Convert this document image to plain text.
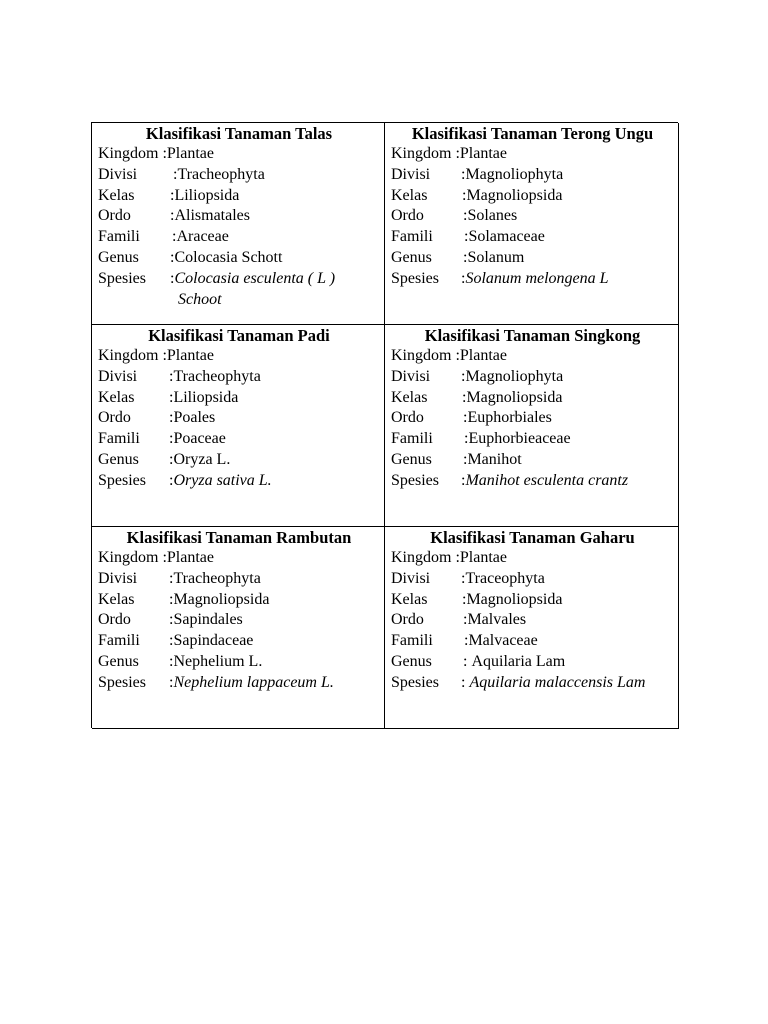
Klasifikasi Tanaman Talas
Kingdom : Plantae
Divisi	: Tracheophyta
Kelas	: Liliopsida
Ordo	: Alismatales
Famili	: Araceae
Genus	: Colocasia Schott
Spesies	: Colocasia esculenta ( L )
Schoot
Klasifikasi Tanaman Terong Ungu
Kingdom : Plantae
Divisi	: Magnoliophyta
Kelas	: Magnoliopsida
Ordo	: Solanes
Famili	: Solamaceae
Genus	: Solanum
Spesies	: Solanum melongena L
Klasifikasi Tanaman Padi
Kingdom : Plantae
Divisi	: Tracheophyta
Kelas	: Liliopsida
Ordo	: Poales
Famili	: Poaceae
Genus	: Oryza L.
Spesies	: Oryza sativa L.
Klasifikasi Tanaman Singkong
Kingdom : Plantae
Divisi	: Magnoliophyta
Kelas	: Magnoliopsida
Ordo	: Euphorbiales
Famili	: Euphorbieaceae
Genus	: Manihot
Spesies	: Manihot esculenta crantz
Klasifikasi Tanaman Rambutan
Kingdom : Plantae
Divisi	: Tracheophyta
Kelas	: Magnoliopsida
Ordo	: Sapindales
Famili	: Sapindaceae
Genus	: Nephelium L.
Spesies	: Nephelium lappaceum L.
Klasifikasi Tanaman Gaharu
Kingdom : Plantae
Divisi	: Traceophyta
Kelas	: Magnoliopsida
Ordo	: Malvales
Famili	: Malvaceae
Genus	: Aquilaria Lam
Spesies	: Aquilaria malaccensis Lam
